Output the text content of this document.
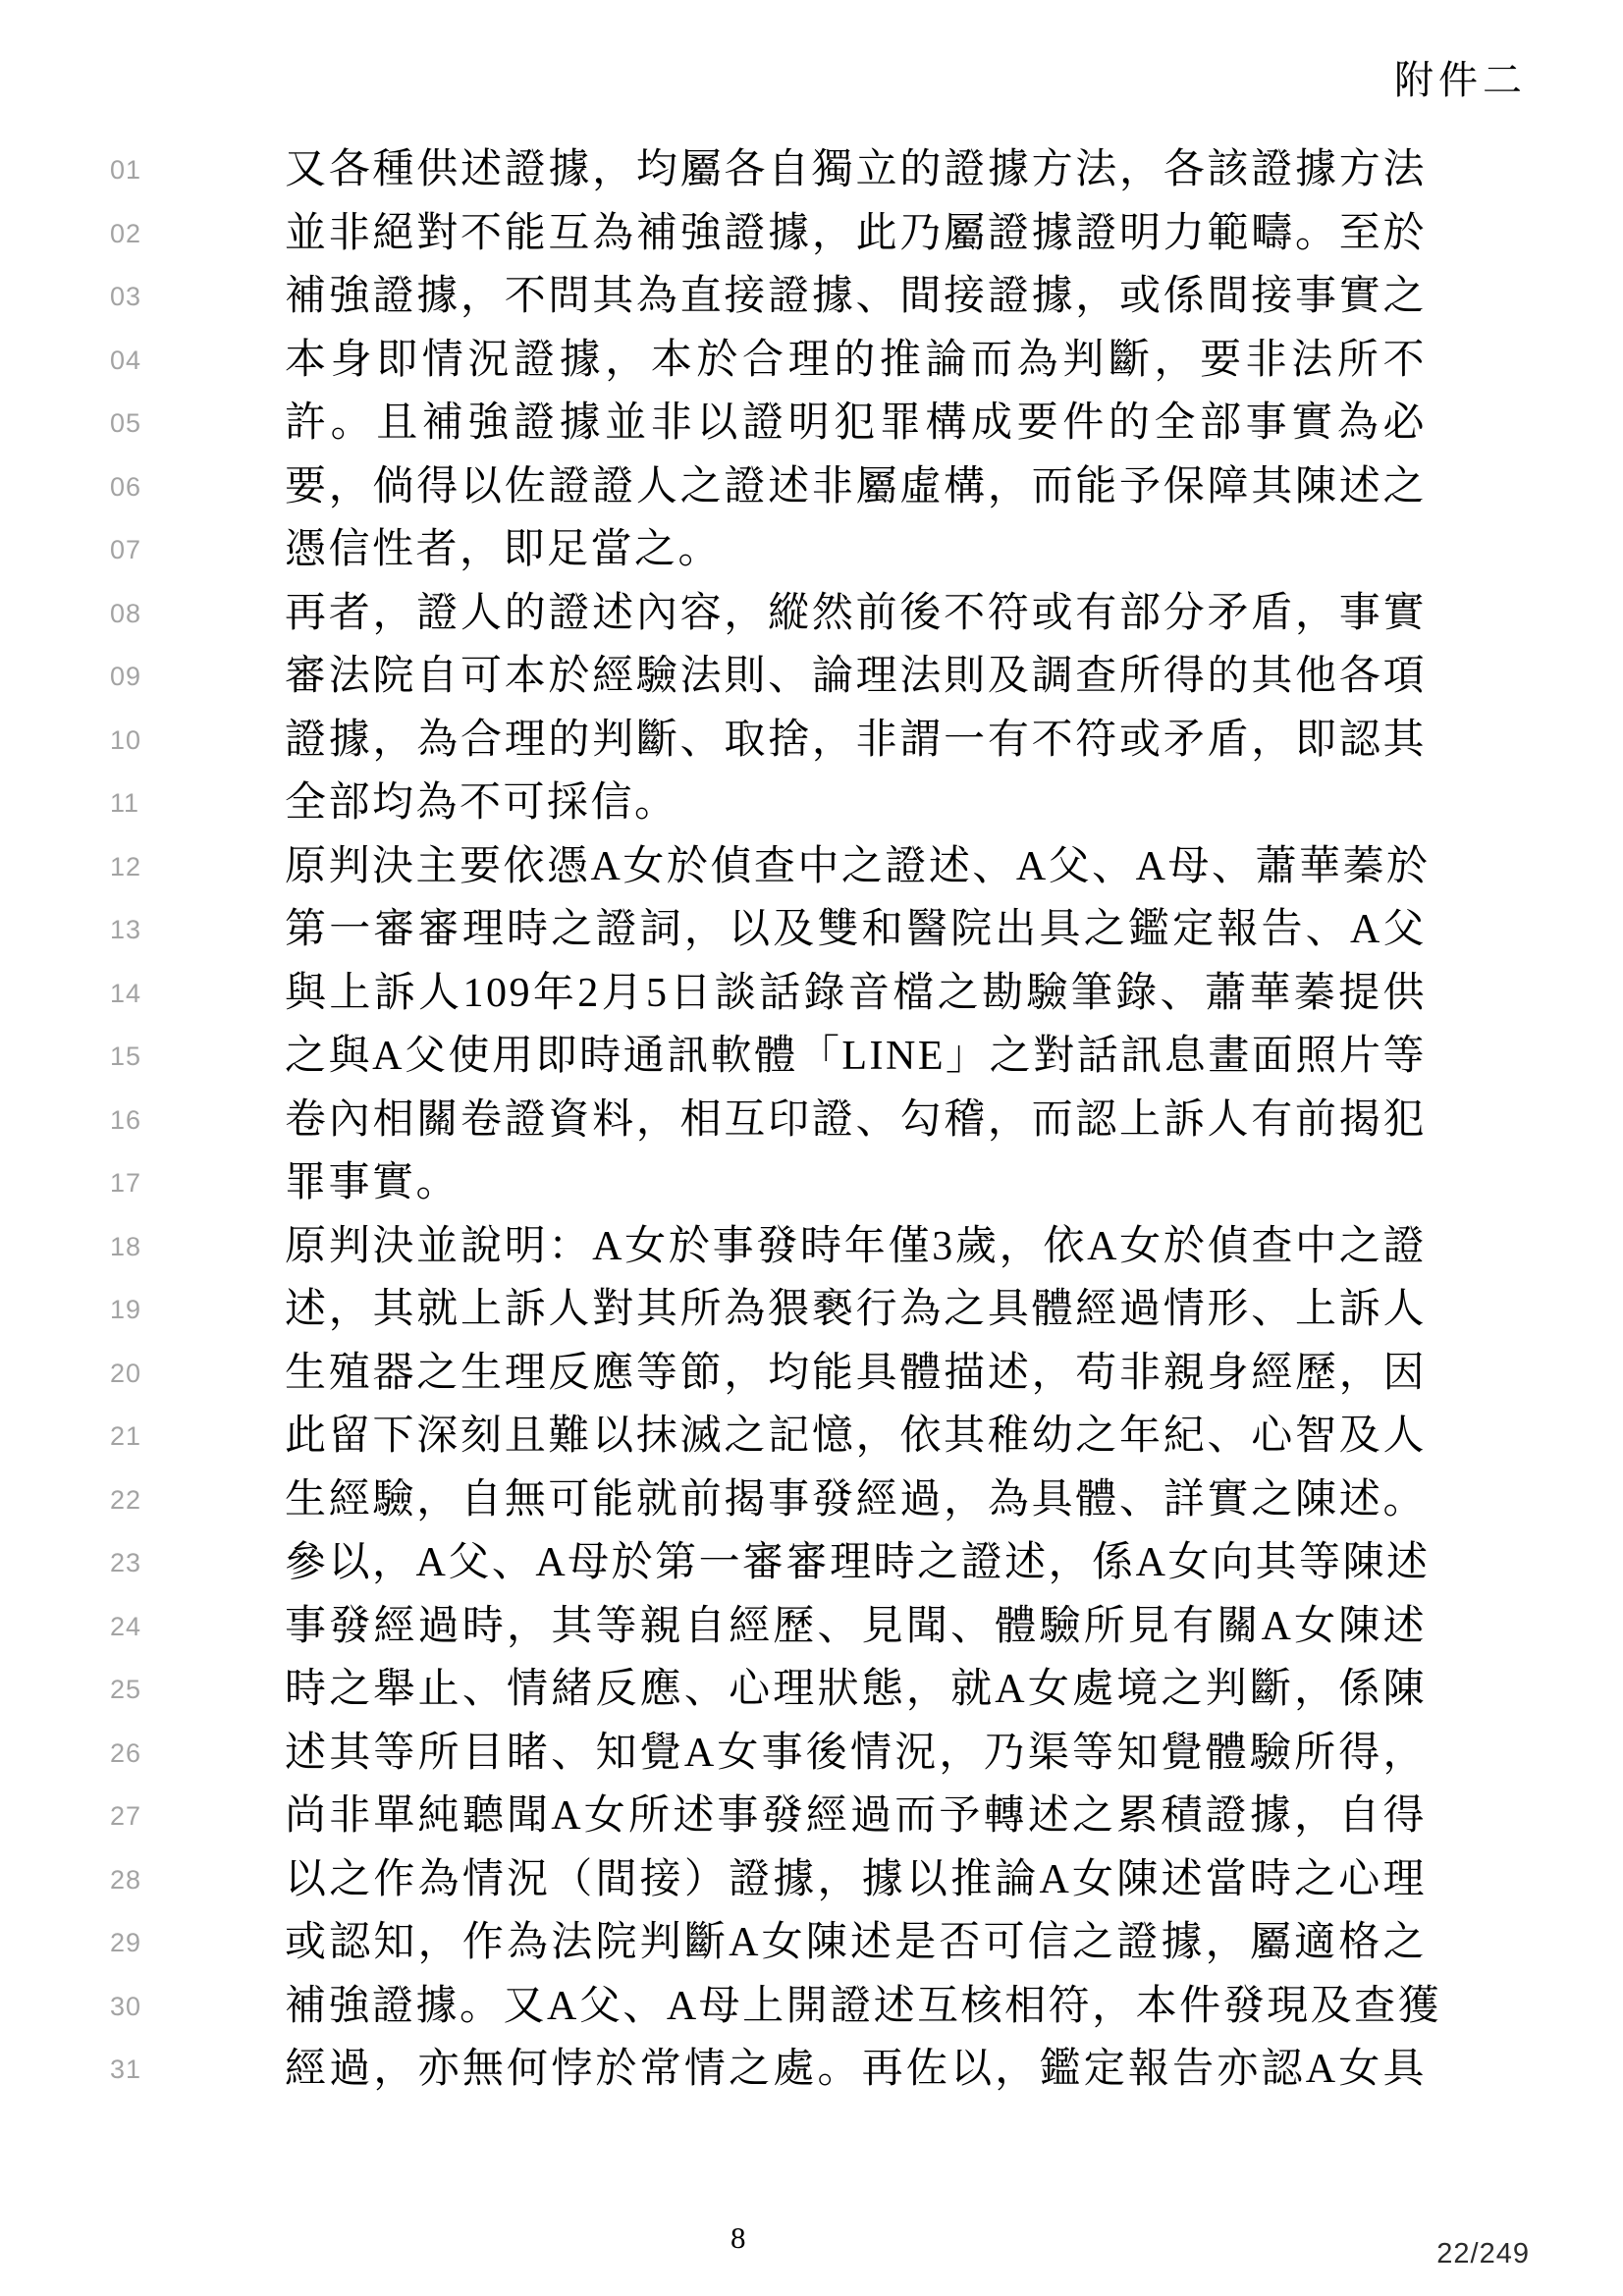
附件二
01	又各種供述證據，均屬各自獨立的證據方法，各該證據方法
02	並非絕對不能互為補強證據，此乃屬證據證明力範疇。至於
03	補強證據，不問其為直接證據、間接證據，或係間接事實之
04	本身即情況證據，本於合理的推論而為判斷，要非法所不
05	許。且補強證據並非以證明犯罪構成要件的全部事實為必
06	要，倘得以佐證證人之證述非屬虛構，而能予保障其陳述之
07	憑信性者，即足當之。
08	再者，證人的證述內容，縱然前後不符或有部分矛盾，事實
09	審法院自可本於經驗法則、論理法則及調查所得的其他各項
10	證據，為合理的判斷、取捨，非謂一有不符或矛盾，即認其
11	全部均為不可採信。
12	原判決主要依憑A女於偵查中之證述、A父、A母、蕭華蓁於
13	第一審審理時之證詞，以及雙和醫院出具之鑑定報告、A父
14	與上訴人109年2月5日談話錄音檔之勘驗筆錄、蕭華蓁提供
15	之與A父使用即時通訊軟體「LINE」之對話訊息畫面照片等
16	卷內相關卷證資料，相互印證、勾稽，而認上訴人有前揭犯
17	罪事實。
18	原判決並說明：A女於事發時年僅3歲，依A女於偵查中之證
19	述，其就上訴人對其所為猥褻行為之具體經過情形、上訴人
20	生殖器之生理反應等節，均能具體描述，苟非親身經歷，因
21	此留下深刻且難以抹滅之記憶，依其稚幼之年紀、心智及人
22	生經驗，自無可能就前揭事發經過，為具體、詳實之陳述。
23	參以，A父、A母於第一審審理時之證述，係A女向其等陳述
24	事發經過時，其等親自經歷、見聞、體驗所見有關A女陳述
25	時之舉止、情緒反應、心理狀態，就A女處境之判斷，係陳
26	述其等所目睹、知覺A女事後情況，乃渠等知覺體驗所得，
27	尚非單純聽聞A女所述事發經過而予轉述之累積證據，自得
28	以之作為情況（間接）證據，據以推論A女陳述當時之心理
29	或認知，作為法院判斷A女陳述是否可信之證據，屬適格之
30	補強證據。又A父、A母上開證述互核相符，本件發現及查獲
31	經過，亦無何悖於常情之處。再佐以，鑑定報告亦認A女具
8	22/249
